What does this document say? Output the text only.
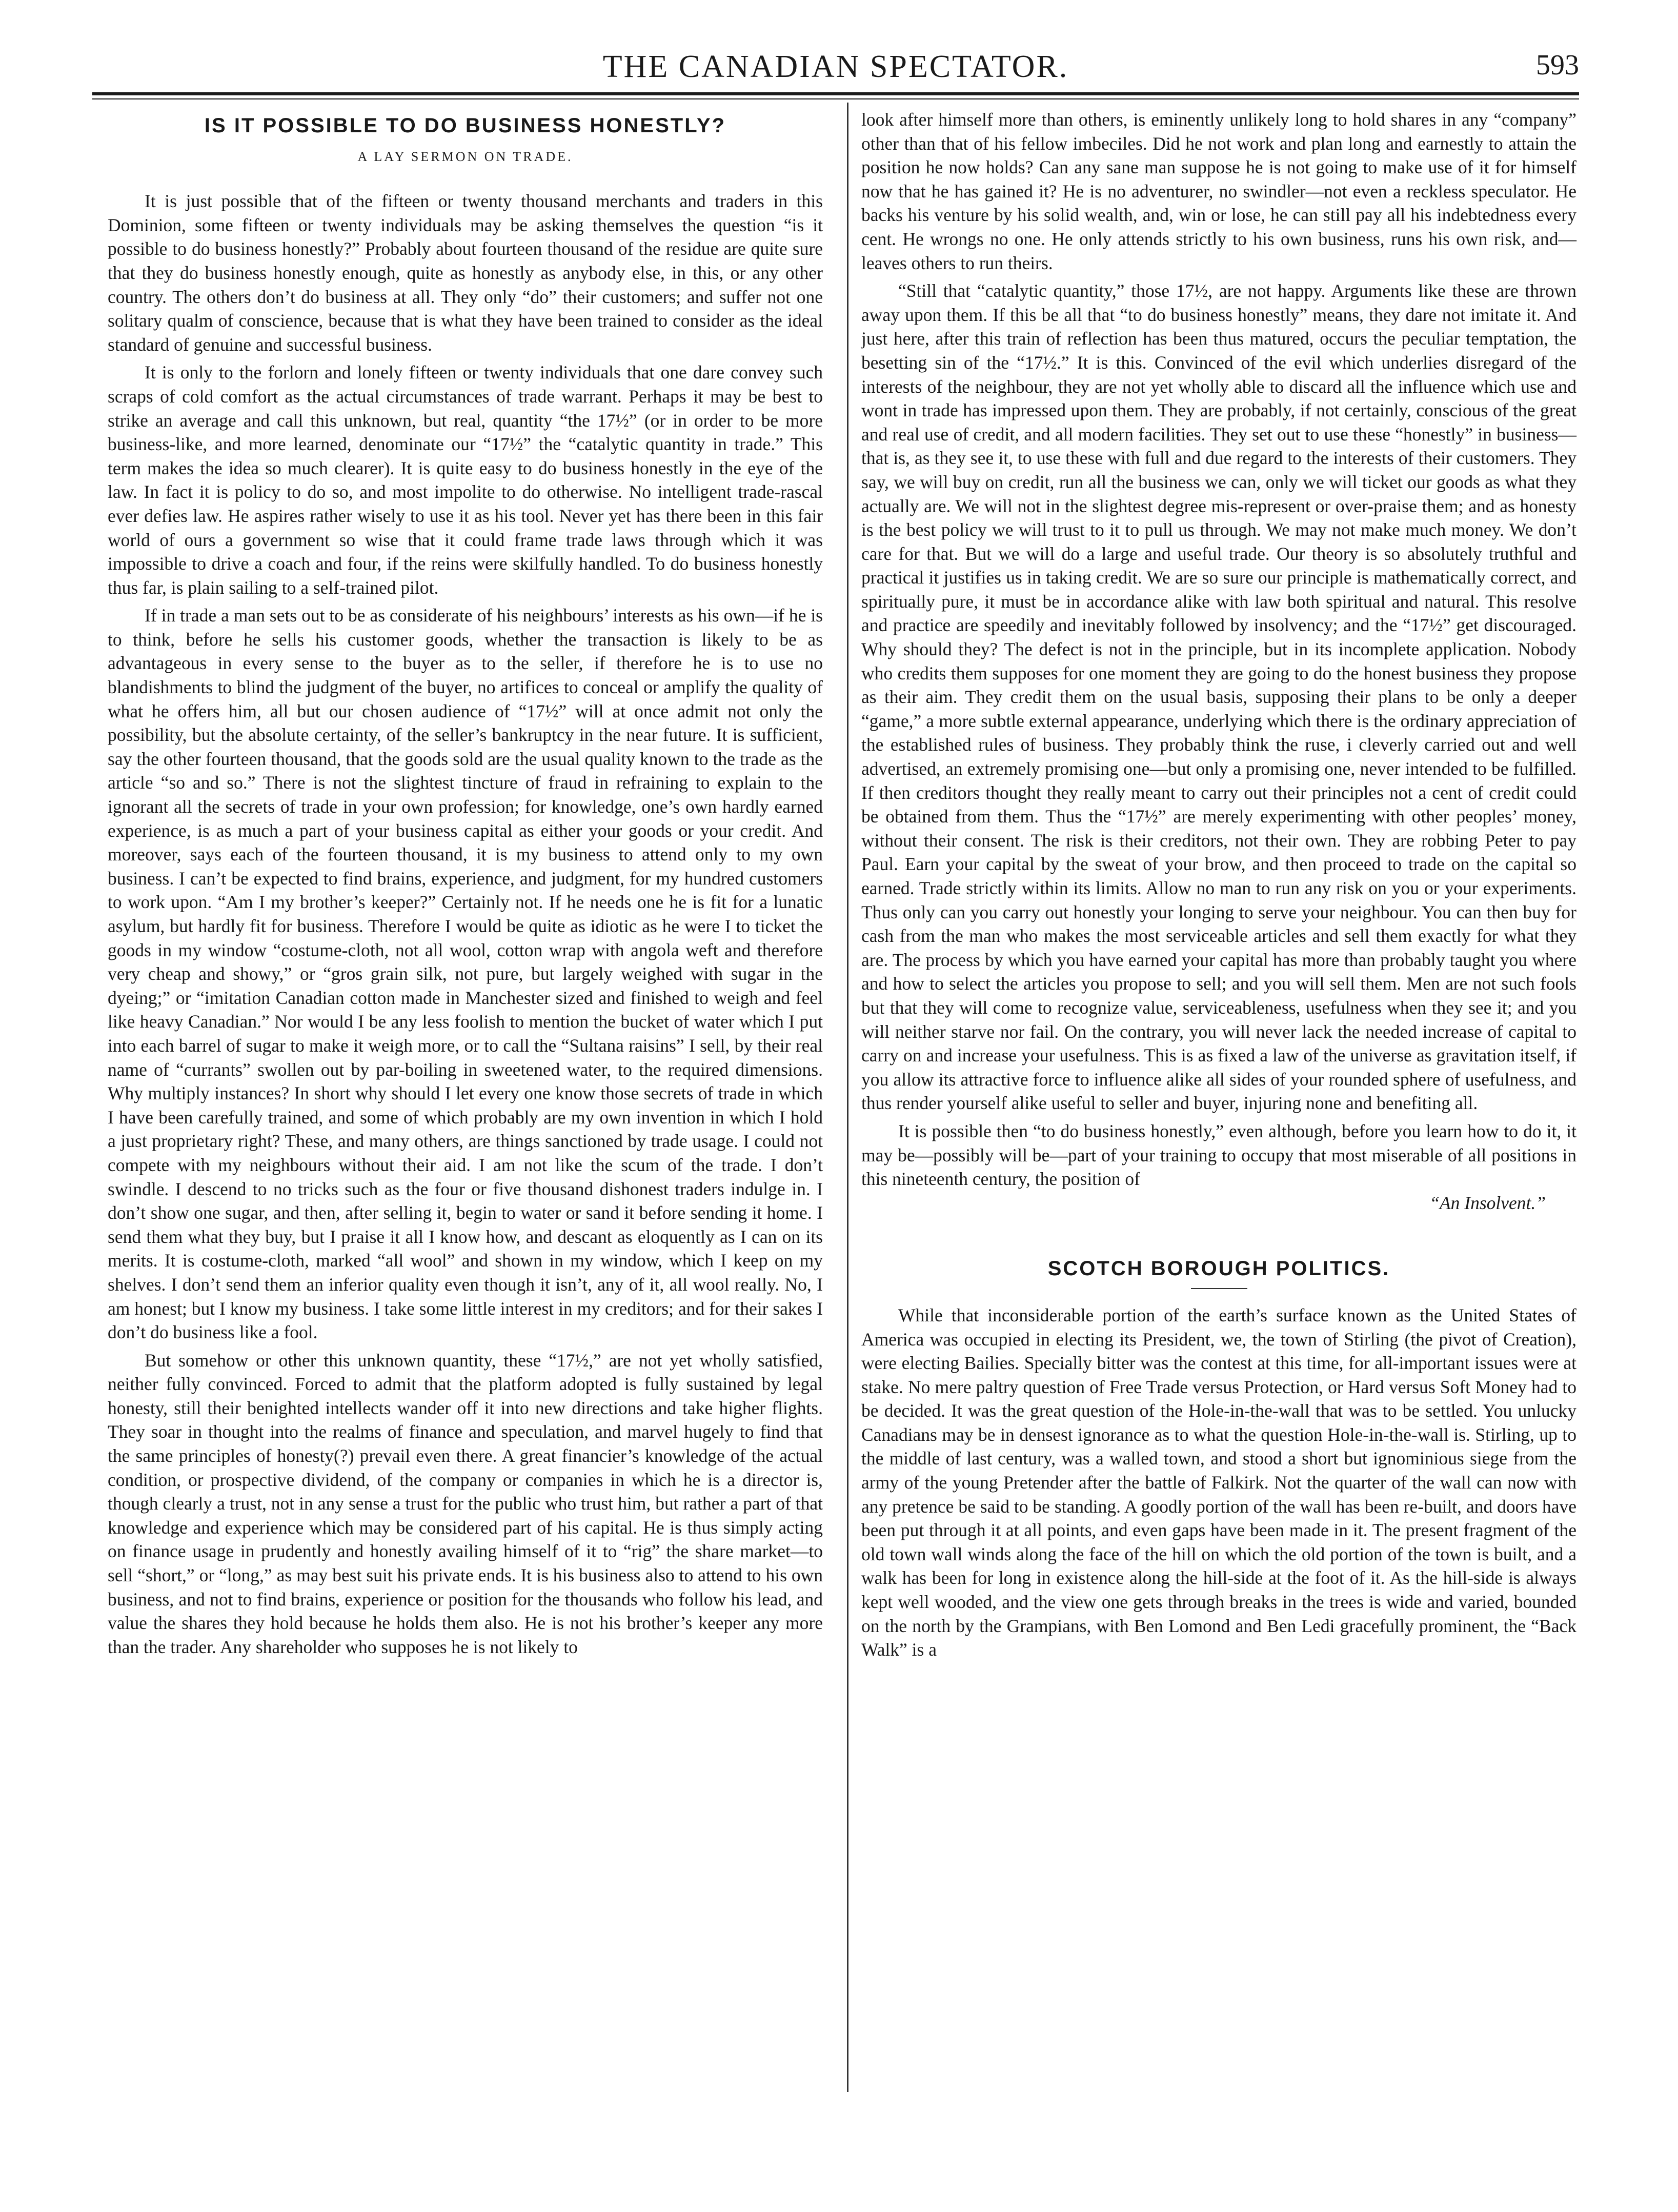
THE CANADIAN SPECTATOR.	593
IS IT POSSIBLE TO DO BUSINESS HONESTLY?
A LAY SERMON ON TRADE.

It is just possible that of the fifteen or twenty thousand merchants and traders in this Dominion, some fifteen or twenty individuals may be asking themselves the question “is it possible to do business honestly?” Probably about fourteen thousand of the residue are quite sure that they do business honestly enough, quite as honestly as anybody else, in this, or any other country. The others don’t do business at all. They only “do” their customers; and suffer not one solitary qualm of conscience, because that is what they have been trained to consider as the ideal standard of genuine and successful business.

It is only to the forlorn and lonely fifteen or twenty individuals that one dare convey such scraps of cold comfort as the actual circumstances of trade warrant. Perhaps it may be best to strike an average and call this unknown, but real, quantity “the 17½” (or in order to be more business-like, and more learned, denominate our “17½” the “catalytic quantity in trade.” This term makes the idea so much clearer). It is quite easy to do business honestly in the eye of the law. In fact it is policy to do so, and most impolite to do otherwise. No intelligent trade-rascal ever defies law. He aspires rather wisely to use it as his tool. Never yet has there been in this fair world of ours a government so wise that it could frame trade laws through which it was impossible to drive a coach and four, if the reins were skilfully handled. To do business honestly thus far, is plain sailing to a self-trained pilot.

If in trade a man sets out to be as considerate of his neighbours’ interests as his own—if he is to think, before he sells his customer goods, whether the transaction is likely to be as advantageous in every sense to the buyer as to the seller, if therefore he is to use no blandishments to blind the judgment of the buyer, no artifices to conceal or amplify the quality of what he offers him, all but our chosen audience of “17½” will at once admit not only the possibility, but the absolute certainty, of the seller’s bankruptcy in the near future. It is sufficient, say the other fourteen thousand, that the goods sold are the usual quality known to the trade as the article “so and so.” There is not the slightest tincture of fraud in refraining to explain to the ignorant all the secrets of trade in your own profession; for knowledge, one’s own hardly earned experience, is as much a part of your business capital as either your goods or your credit. And moreover, says each of the fourteen thousand, it is my business to attend only to my own business. I can’t be expected to find brains, experience, and judgment, for my hundred customers to work upon. “Am I my brother’s keeper?” Certainly not. If he needs one he is fit for a lunatic asylum, but hardly fit for business. Therefore I would be quite as idiotic as he were I to ticket the goods in my window “costume-cloth, not all wool, cotton wrap with angola weft and therefore very cheap and showy,” or “gros grain silk, not pure, but largely weighed with sugar in the dyeing;” or “imitation Canadian cotton made in Manchester sized and finished to weigh and feel like heavy Canadian.” Nor would I be any less foolish to mention the bucket of water which I put into each barrel of sugar to make it weigh more, or to call the “Sultana raisins” I sell, by their real name of “currants” swollen out by par-boiling in sweetened water, to the required dimensions. Why multiply instances? In short why should I let every one know those secrets of trade in which I have been carefully trained, and some of which probably are my own invention in which I hold a just proprietary right? These, and many others, are things sanctioned by trade usage. I could not compete with my neighbours without their aid. I am not like the scum of the trade. I don’t swindle. I descend to no tricks such as the four or five thousand dishonest traders indulge in. I don’t show one sugar, and then, after selling it, begin to water or sand it before sending it home. I send them what they buy, but I praise it all I know how, and descant as eloquently as I can on its merits. It is costume-cloth, marked “all wool” and shown in my window, which I keep on my shelves. I don’t send them an inferior quality even though it isn’t, any of it, all wool really. No, I am honest; but I know my business. I take some little interest in my creditors; and for their sakes I don’t do business like a fool.

But somehow or other this unknown quantity, these “17½,” are not yet wholly satisfied, neither fully convinced. Forced to admit that the platform adopted is fully sustained by legal honesty, still their benighted intellects wander off it into new directions and take higher flights. They soar in thought into the realms of finance and speculation, and marvel hugely to find that the same principles of honesty(?) prevail even there. A great financier’s knowledge of the actual condition, or prospective dividend, of the company or companies in which he is a director is, though clearly a trust, not in any sense a trust for the public who trust him, but rather a part of that knowledge and experience which may be considered part of his capital. He is thus simply acting on finance usage in prudently and honestly availing himself of it to “rig” the share market—to sell “short,” or “long,” as may best suit his private ends. It is his business also to attend to his own business, and not to find brains, experience or position for the thousands who follow his lead, and value the shares they hold because he holds them also. He is not his brother’s keeper any more than the trader. Any shareholder who supposes he is not likely to

look after himself more than others, is eminently unlikely long to hold shares in any “company” other than that of his fellow imbeciles. Did he not work and plan long and earnestly to attain the position he now holds? Can any sane man suppose he is not going to make use of it for himself now that he has gained it? He is no adventurer, no swindler—not even a reckless speculator. He backs his venture by his solid wealth, and, win or lose, he can still pay all his indebtedness every cent. He wrongs no one. He only attends strictly to his own business, runs his own risk, and—leaves others to run theirs.

“Still that “catalytic quantity,” those 17½, are not happy. Arguments like these are thrown away upon them. If this be all that “to do business honestly” means, they dare not imitate it. And just here, after this train of reflection has been thus matured, occurs the peculiar temptation, the besetting sin of the “17½.” It is this. Convinced of the evil which underlies disregard of the interests of the neighbour, they are not yet wholly able to discard all the influence which use and wont in trade has impressed upon them. They are probably, if not certainly, conscious of the great and real use of credit, and all modern facilities. They set out to use these “honestly” in business—that is, as they see it, to use these with full and due regard to the interests of their customers. They say, we will buy on credit, run all the business we can, only we will ticket our goods as what they actually are. We will not in the slightest degree mis-represent or over-praise them; and as honesty is the best policy we will trust to it to pull us through. We may not make much money. We don’t care for that. But we will do a large and useful trade. Our theory is so absolutely truthful and practical it justifies us in taking credit. We are so sure our principle is mathematically correct, and spiritually pure, it must be in accordance alike with law both spiritual and natural. This resolve and practice are speedily and inevitably followed by insolvency; and the “17½” get discouraged. Why should they? The defect is not in the principle, but in its incomplete application. Nobody who credits them supposes for one moment they are going to do the honest business they propose as their aim. They credit them on the usual basis, supposing their plans to be only a deeper “game,” a more subtle external appearance, underlying which there is the ordinary appreciation of the established rules of business. They probably think the ruse, i cleverly carried out and well advertised, an extremely promising one—but only a promising one, never intended to be fulfilled. If then creditors thought they really meant to carry out their principles not a cent of credit could be obtained from them. Thus the “17½” are merely experimenting with other peoples’ money, without their consent. The risk is their creditors, not their own. They are robbing Peter to pay Paul. Earn your capital by the sweat of your brow, and then proceed to trade on the capital so earned. Trade strictly within its limits. Allow no man to run any risk on you or your experiments. Thus only can you carry out honestly your longing to serve your neighbour. You can then buy for cash from the man who makes the most serviceable articles and sell them exactly for what they are. The process by which you have earned your capital has more than probably taught you where and how to select the articles you propose to sell; and you will sell them. Men are not such fools but that they will come to recognize value, serviceableness, usefulness when they see it; and you will neither starve nor fail. On the contrary, you will never lack the needed increase of capital to carry on and increase your usefulness. This is as fixed a law of the universe as gravitation itself, if you allow its attractive force to influence alike all sides of your rounded sphere of usefulness, and thus render yourself alike useful to seller and buyer, injuring none and benefiting all.

It is possible then “to do business honestly,” even although, before you learn how to do it, it may be—possibly will be—part of your training to occupy that most miserable of all positions in this nineteenth century, the position of

“An Insolvent.”
SCOTCH BOROUGH POLITICS.

While that inconsiderable portion of the earth’s surface known as the United States of America was occupied in electing its President, we, the town of Stirling (the pivot of Creation), were electing Bailies. Specially bitter was the contest at this time, for all-important issues were at stake. No mere paltry question of Free Trade versus Protection, or Hard versus Soft Money had to be decided. It was the great question of the Hole-in-the-wall that was to be settled. You unlucky Canadians may be in densest ignorance as to what the question Hole-in-the-wall is. Stirling, up to the middle of last century, was a walled town, and stood a short but ignominious siege from the army of the young Pretender after the battle of Falkirk. Not the quarter of the wall can now with any pretence be said to be standing. A goodly portion of the wall has been re-built, and doors have been put through it at all points, and even gaps have been made in it. The present fragment of the old town wall winds along the face of the hill on which the old portion of the town is built, and a walk has been for long in existence along the hill-side at the foot of it. As the hill-side is always kept well wooded, and the view one gets through breaks in the trees is wide and varied, bounded on the north by the Grampians, with Ben Lomond and Ben Ledi gracefully prominent, the “Back Walk” is a
